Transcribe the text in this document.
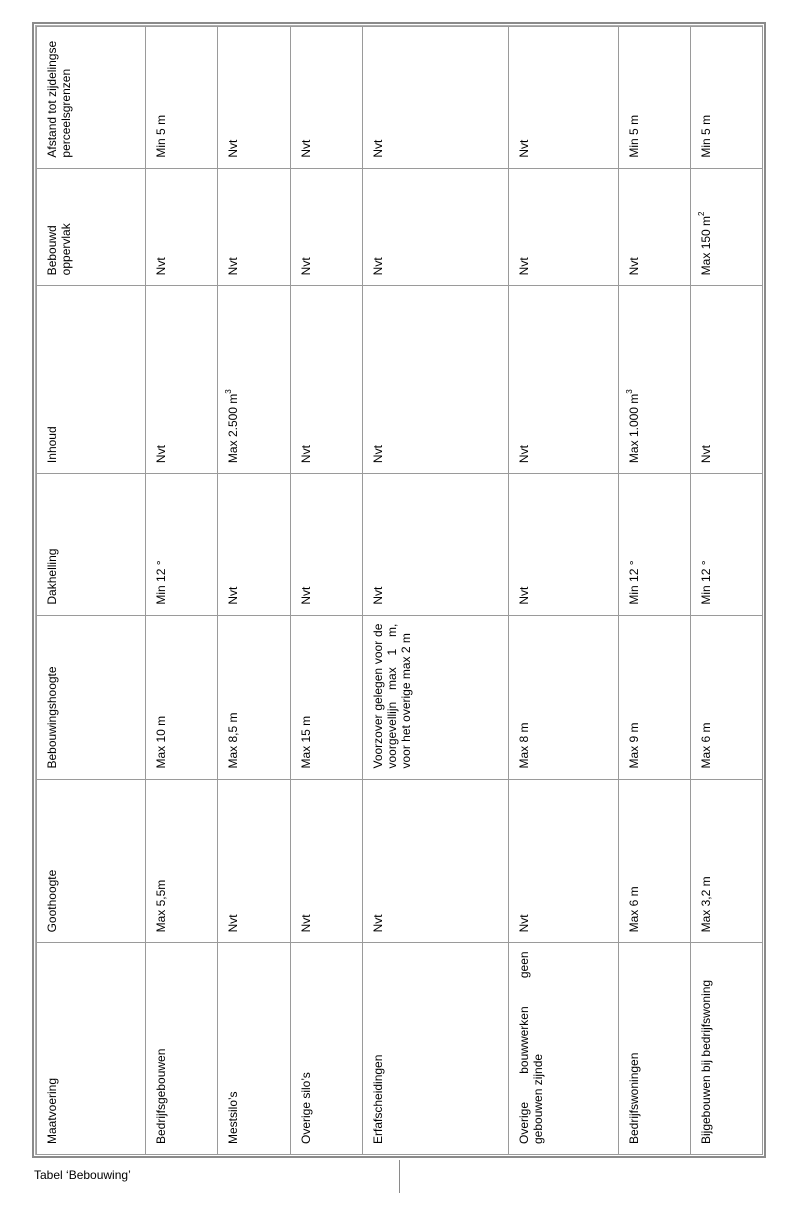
Maatvoering	Goothoogte	Bebouwingshoogte	Dakhelling	Inhoud	Bebouwd oppervlak	Afstand tot zijdelingse perceelsgrenzen
Bedrijfsgebouwen	Max 5,5m	Max 10 m	Min 12 °	Nvt	Nvt	Min 5 m
Mestsilo’s	Nvt	Max 8,5 m	Nvt	Max 2.500 $m^3$	Nvt	Nvt
Overige silo’s	Nvt	Max 15 m	Nvt	Nvt	Nvt	Nvt
Erfafscheidingen	Nvt	Voorzover gelegen voor de voorgevellijn max 1 m, voor het overige max 2 m	Nvt	Nvt	Nvt	Nvt
Overige bouwwerken geen gebouwen zijnde	Nvt	Max 8 m	Nvt	Nvt	Nvt	Nvt
Bedrijfswoningen	Max 6 m	Max 9 m	Min 12 °	Max 1.000 $m^3$	Nvt	Min 5 m
Bijgebouwen bij bedrijfswoning	Max 3,2 m	Max 6 m	Min 12 °	Nvt	Max 150 $m^2$	Min 5 m
Tabel ‘Bebouwing’
